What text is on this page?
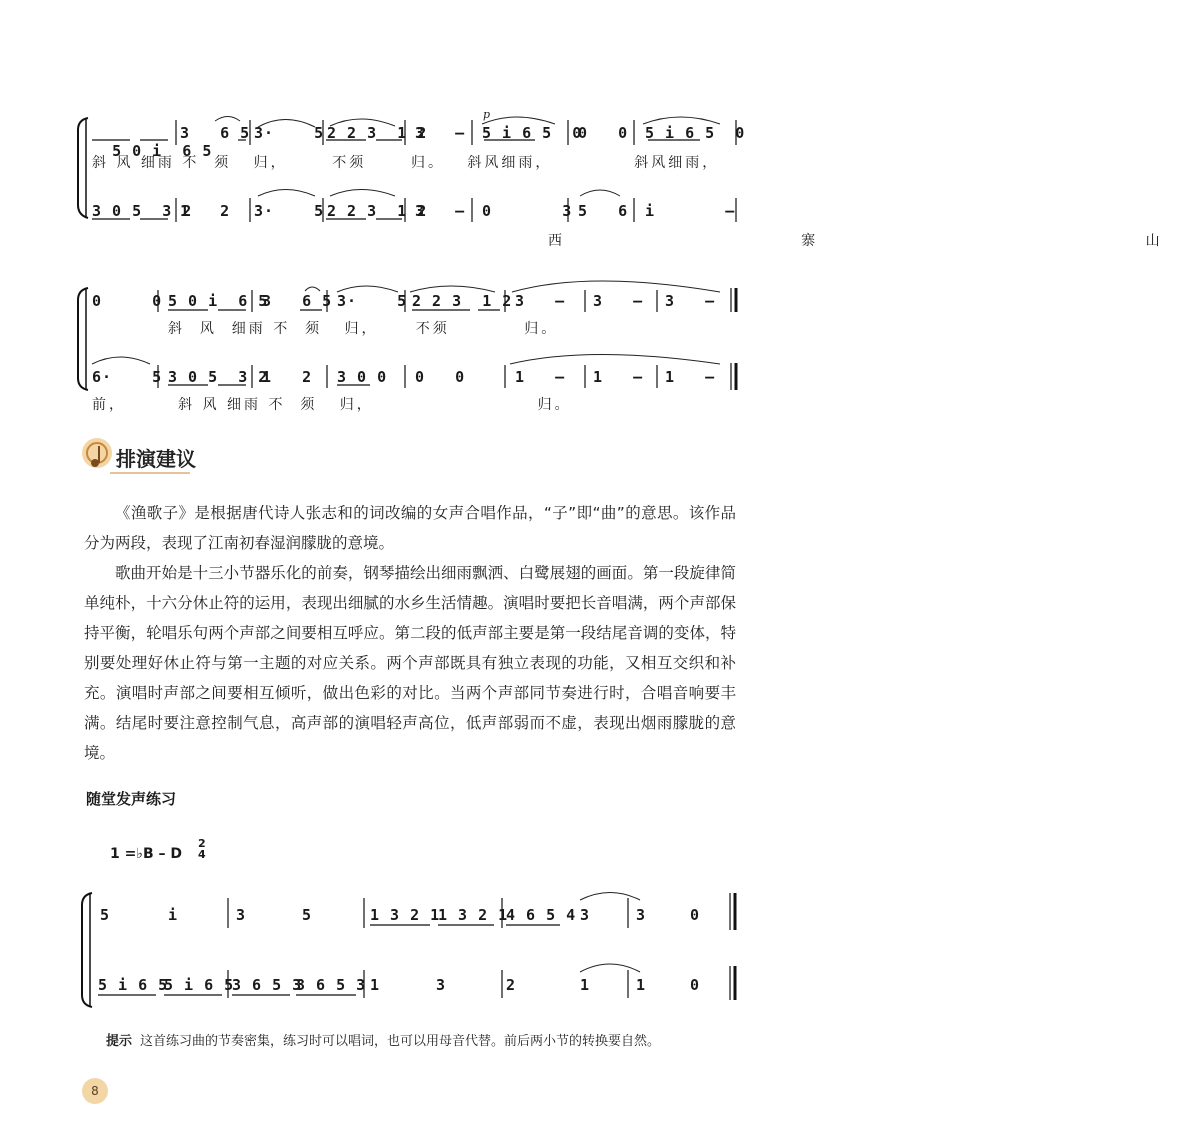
5 0 i  6 5

3   6 5 3·    5 2 2 3  1 2
3   – 5 i 6 5  0
0   0 5 i 6 5  0
p
斜 风 细雨 不  须   归，      不须      归。   斜风细雨，           斜风细雨，
3 0 5  3 2
1   2 3·    5 2 2 3  1 2
3   – 0       3 5   6 i       –
西       寨          山
0     0 5 0 i  6 5
3   6 5 3·    5 2 2 3  1 2 3   – 3   – 3   –
斜  风  细雨 不  须   归，     不须          归。
6·    5 3 0 5  3 2
1   2 3 0 0 0   0	1   – 1   – 1   –
前，       斜 风 细雨 不  须   归，                      归。
排演建议

《渔歌子》是根据唐代诗人张志和的词改编的女声合唱作品，“子”即“曲”的意思。该作品分为两段，表现了江南初春湿润朦胧的意境。

歌曲开始是十三小节器乐化的前奏，钢琴描绘出细雨飘洒、白鹭展翅的画面。第一段旋律简单纯朴，十六分休止符的运用，表现出细腻的水乡生活情趣。演唱时要把长音唱满，两个声部保持平衡，轮唱乐句两个声部之间要相互呼应。第二段的低声部主要是第一段结尾音调的变体，特别要处理好休止符与第一主题的对应关系。两个声部既具有独立表现的功能，又相互交织和补充。演唱时声部之间要相互倾听，做出色彩的对比。当两个声部同节奏进行时，合唱音响要丰满。结尾时要注意控制气息，高声部的演唱轻声高位，低声部弱而不虚，表现出烟雨朦胧的意境。

随堂发声练习
1 =♭B – D
2
4
5	i	3	5	1 3 2 1
1 3 2 1
4 6 5 4 3	3	0
5 i 6 5
5 i 6 5
3 6 5 3
3 6 5 3 1	3	2	1	1	0
提示 这首练习曲的节奏密集，练习时可以唱词，也可以用母音代替。前后两小节的转换要自然。
8
